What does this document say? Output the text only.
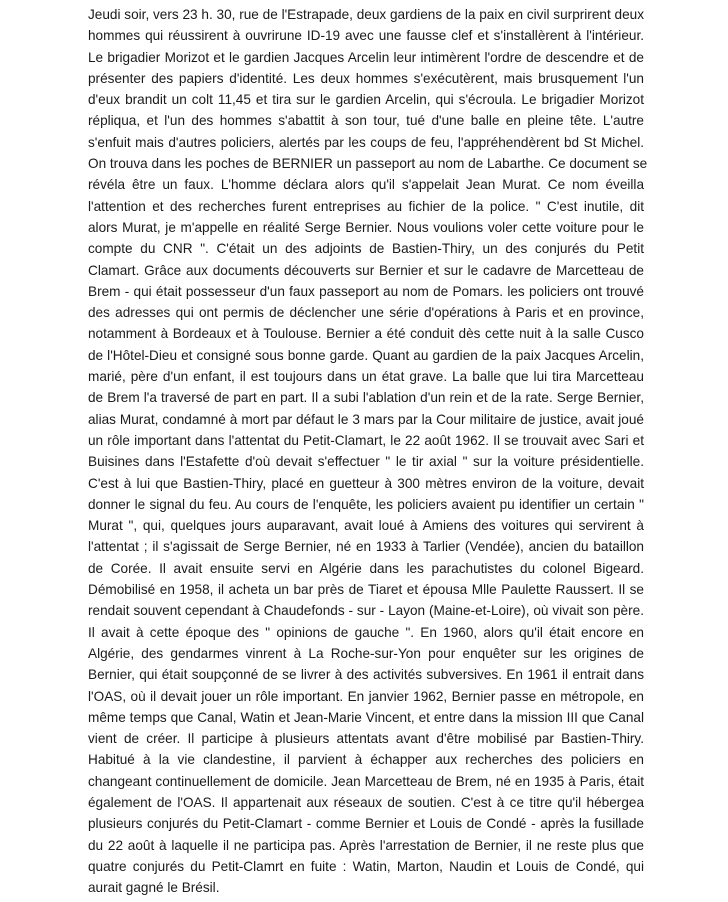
Jeudi soir, vers 23 h. 30, rue de l'Estrapade, deux gardiens de la paix en civil surprirent deux
hommes qui réussirent à ouvrirune ID-19 avec une fausse clef et s'installèrent à l'intérieur.
Le brigadier Morizot et le gardien Jacques Arcelin leur intimèrent l'ordre de descendre et de
présenter des papiers d'identité. Les deux hommes s'exécutèrent, mais brusquement l'un
d'eux brandit un colt 11,45 et tira sur le gardien Arcelin, qui s'écroula. Le brigadier Morizot
répliqua, et l'un des hommes s'abattit à son tour, tué d'une balle en pleine tête. L'autre
s'enfuit mais d'autres policiers, alertés par les coups de feu, l'appréhendèrent bd St Michel.
On trouva dans les poches de BERNIER un passeport au nom de Labarthe. Ce document se
révéla être un faux. L'homme déclara alors qu'il s'appelait Jean Murat. Ce nom éveilla
l'attention et des recherches furent entreprises au fichier de la police. " C'est inutile, dit
alors Murat, je m'appelle en réalité Serge Bernier. Nous voulions voler cette voiture pour le
compte du CNR ". C'était un des adjoints de Bastien-Thiry, un des conjurés du Petit
Clamart. Grâce aux documents découverts sur Bernier et sur le cadavre de Marcetteau de
Brem - qui était possesseur d'un faux passeport au nom de Pomars. les policiers ont trouvé
des adresses qui ont permis de déclencher une série d'opérations à Paris et en province,
notamment à Bordeaux et à Toulouse. Bernier a été conduit dès cette nuit à la salle Cusco
de l'Hôtel-Dieu et consigné sous bonne garde. Quant au gardien de la paix Jacques Arcelin,
marié, père d'un enfant, il est toujours dans un état grave. La balle que lui tira Marcetteau
de Brem l'a traversé de part en part. Il a subi l'ablation d'un rein et de la rate. Serge Bernier,
alias Murat, condamné à mort par défaut le 3 mars par la Cour militaire de justice, avait joué
un rôle important dans l'attentat du Petit-Clamart, le 22 août 1962. Il se trouvait avec Sari et
Buisines dans l'Estafette d'où devait s'effectuer " le tir axial " sur la voiture présidentielle.
C'est à lui que Bastien-Thiry, placé en guetteur à 300 mètres environ de la voiture, devait
donner le signal du feu. Au cours de l'enquête, les policiers avaient pu identifier un certain "
Murat ", qui, quelques jours auparavant, avait loué à Amiens des voitures qui servirent à
l'attentat ; il s'agissait de Serge Bernier, né en 1933 à Tarlier (Vendée), ancien du bataillon
de Corée. Il avait ensuite servi en Algérie dans les parachutistes du colonel Bigeard.
Démobilisé en 1958, il acheta un bar près de Tiaret et épousa Mlle Paulette Raussert. Il se
rendait souvent cependant à Chaudefonds - sur - Layon (Maine-et-Loire), où vivait son père.
Il avait à cette époque des " opinions de gauche ". En 1960, alors qu'il était encore en
Algérie, des gendarmes vinrent à La Roche-sur-Yon pour enquêter sur les origines de
Bernier, qui était soupçonné de se livrer à des activités subversives. En 1961 il entrait dans
l'OAS, où il devait jouer un rôle important. En janvier 1962, Bernier passe en métropole, en
même temps que Canal, Watin et Jean-Marie Vincent, et entre dans la mission III que Canal
vient de créer. Il participe à plusieurs attentats avant d'être mobilisé par Bastien-Thiry.
Habitué à la vie clandestine, il parvient à échapper aux recherches des policiers en
changeant continuellement de domicile. Jean Marcetteau de Brem, né en 1935 à Paris, était
également de l'OAS. Il appartenait aux réseaux de soutien. C'est à ce titre qu'il hébergea
plusieurs conjurés du Petit-Clamart - comme Bernier et Louis de Condé - après la fusillade
du 22 août à laquelle il ne participa pas. Après l'arrestation de Bernier, il ne reste plus que
quatre conjurés du Petit-Clamrt en fuite : Watin, Marton, Naudin et Louis de Condé, qui
aurait gagné le Brésil.
